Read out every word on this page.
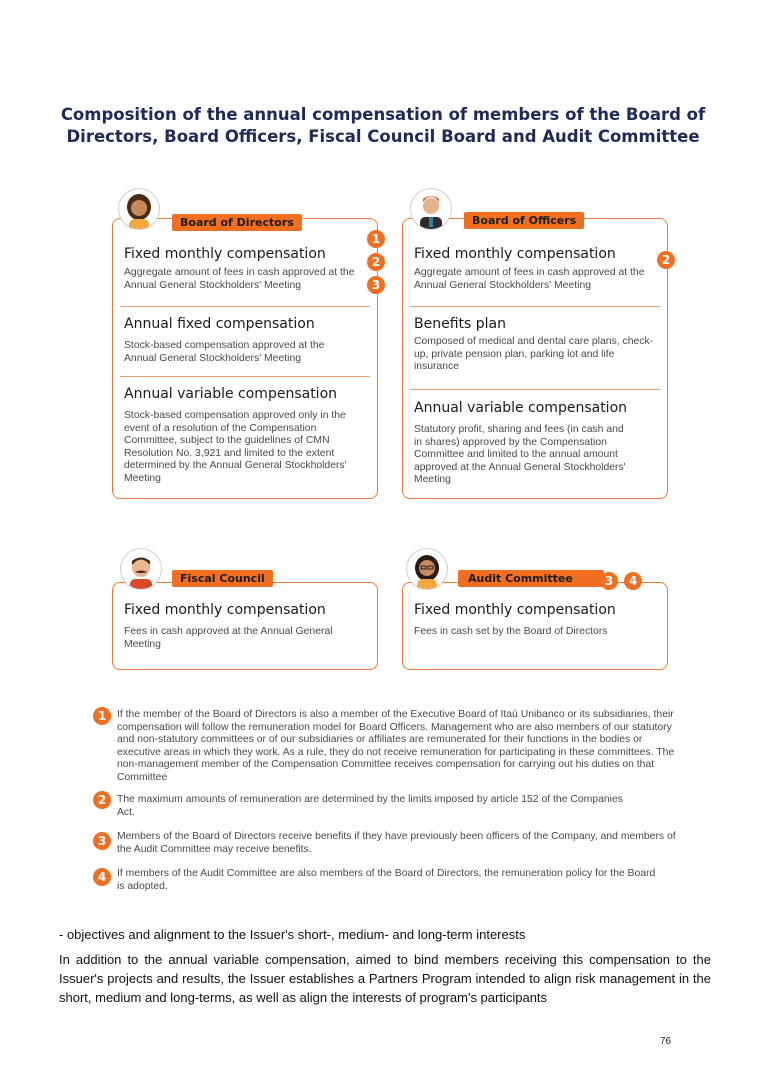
Composition of the annual compensation of members of the Board of Directors, Board Officers, Fiscal Council Board and Audit Committee
Board of Directors
1
2
3
Fixed monthly compensation
Aggregate amount of fees in cash approved at the Annual General Stockholders' Meeting
Annual fixed compensation
Stock-based compensation approved at the Annual General Stockholders' Meeting
Annual variable compensation
Stock-based compensation approved only in the event of a resolution of the Compensation Committee, subject to the guidelines of CMN Resolution No. 3,921 and limited to the extent determined by the Annual General Stockholders' Meeting
Board of Officers
2
Fixed monthly compensation
Aggregate amount of fees in cash approved at the Annual General Stockholders' Meeting
Benefits plan
Composed of medical and dental care plans, check-up, private pension plan, parking lot and life insurance
Annual variable compensation
Statutory profit, sharing and fees (in cash and in shares) approved by the Compensation Committee and limited to the annual amount approved at the Annual General Stockholders' Meeting
Fiscal Council
Fixed monthly compensation
Fees in cash approved at the Annual General Meeting
Audit Committee	3	4
Fixed monthly compensation
Fees in cash set by the Board of Directors
1	If the member of the Board of Directors is also a member of the Executive Board of Itaú Unibanco or its subsidiaries, their compensation will follow the remuneration model for Board Officers. Management who are also members of our statutory and non-statutory committees or of our subsidiaries or affiliates are remunerated for their functions in the bodies or executive areas in which they work. As a rule, they do not receive remuneration for participating in these committees. The non-management member of the Compensation Committee receives compensation for carrying out his duties on that Committee
2	The maximum amounts of remuneration are determined by the limits imposed by article 152 of the Companies Act.
3	Members of the Board of Directors receive benefits if they have previously been officers of the Company, and members of the Audit Committee may receive benefits.
4	If members of the Audit Committee are also members of the Board of Directors, the remuneration policy for the Board is adopted.
- objectives and alignment to the Issuer's short-, medium- and long-term interests
In addition to the annual variable compensation, aimed to bind members receiving this compensation to the Issuer's projects and results, the Issuer establishes a Partners Program intended to align risk management in the short, medium and long-terms, as well as align the interests of program's participants
76
